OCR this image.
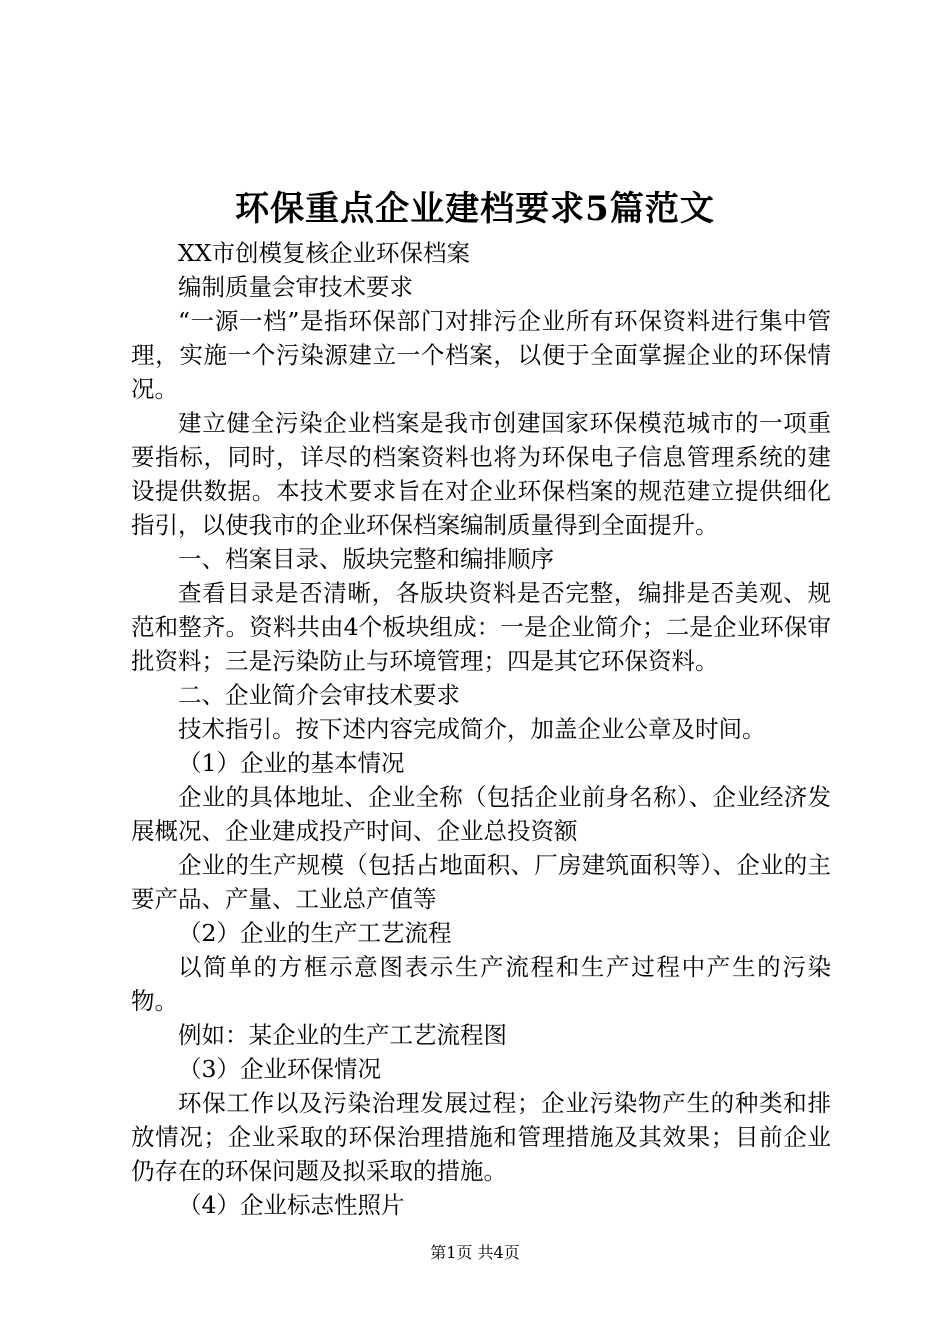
环保重点企业建档要求5篇范文

XX市创模复核企业环保档案

编制质量会审技术要求

“一源一档”是指环保部门对排污企业所有环保资料进行集中管理，实施一个污染源建立一个档案，以便于全面掌握企业的环保情况。

建立健全污染企业档案是我市创建国家环保模范城市的一项重要指标，同时，详尽的档案资料也将为环保电子信息管理系统的建设提供数据。本技术要求旨在对企业环保档案的规范建立提供细化指引，以使我市的企业环保档案编制质量得到全面提升。

一、档案目录、版块完整和编排顺序

查看目录是否清晰，各版块资料是否完整，编排是否美观、规范和整齐。资料共由4个板块组成：一是企业简介；二是企业环保审批资料；三是污染防止与环境管理；四是其它环保资料。

二、企业简介会审技术要求

技术指引。按下述内容完成简介，加盖企业公章及时间。

（1）企业的基本情况

企业的具体地址、企业全称（包括企业前身名称）、企业经济发展概况、企业建成投产时间、企业总投资额

企业的生产规模（包括占地面积、厂房建筑面积等）、企业的主要产品、产量、工业总产值等

（2）企业的生产工艺流程

以简单的方框示意图表示生产流程和生产过程中产生的污染物。

例如：某企业的生产工艺流程图

（3）企业环保情况

环保工作以及污染治理发展过程；企业污染物产生的种类和排放情况；企业采取的环保治理措施和管理措施及其效果；目前企业仍存在的环保问题及拟采取的措施。

（4）企业标志性照片

第1页 共4页
